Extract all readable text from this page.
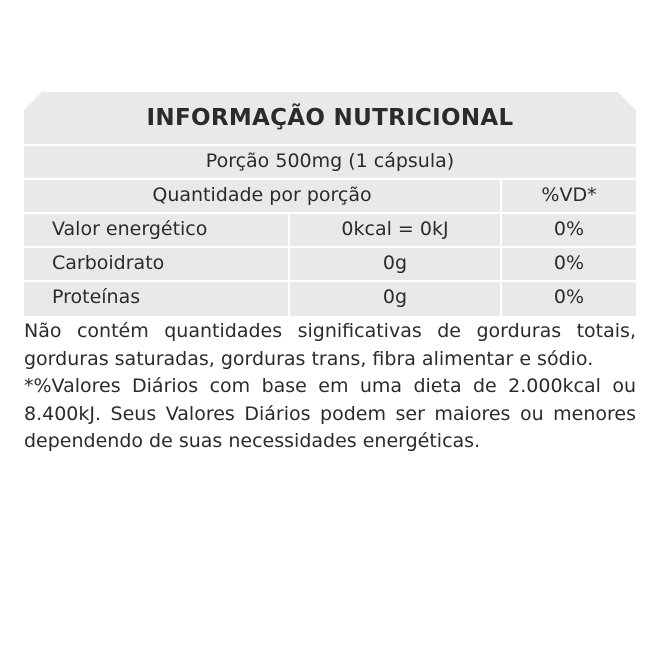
INFORMAÇÃO NUTRICIONAL
Porção 500mg (1 cápsula)
Quantidade por porção	%VD*
Valor energético	0kcal = 0kJ	0%
Carboidrato	0g	0%
Proteínas	0g	0%

Não contém quantidades significativas de gorduras totais, gorduras saturadas, gorduras trans, fibra alimentar e sódio.

*%Valores Diários com base em uma dieta de 2.000kcal ou 8.400kJ. Seus Valores Diários podem ser maiores ou menores dependendo de suas necessidades energéticas.
